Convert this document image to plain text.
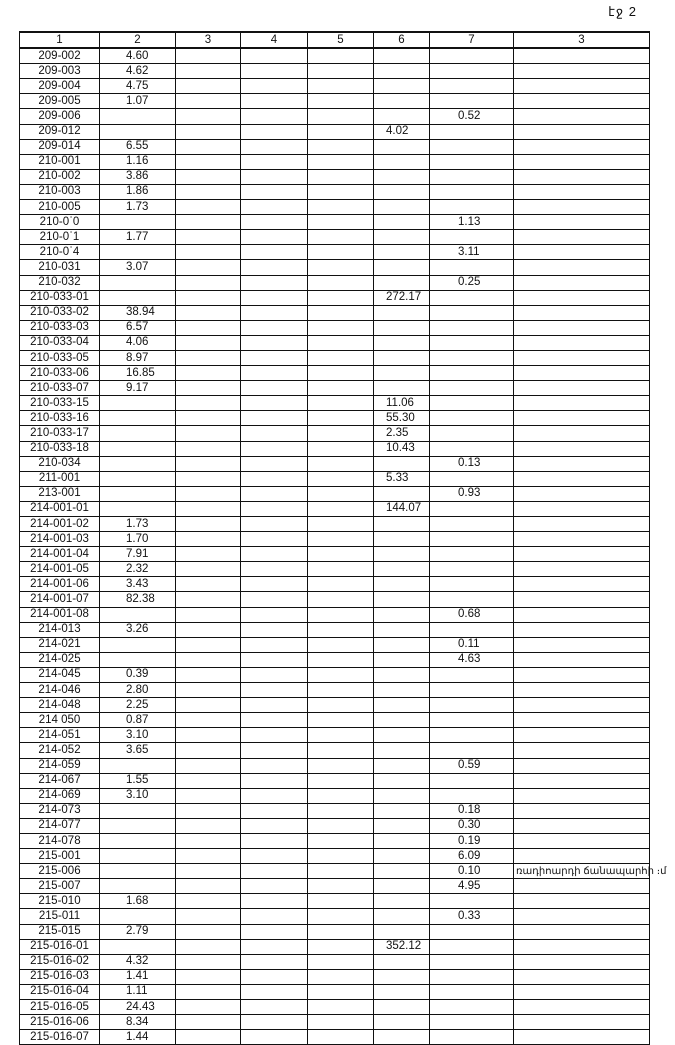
էջ 2
1	2	3	4	5	6	7	3
209-002	4.60						
209-003	4.62						
209-004	4.75						
209-005	1.07						
209-006						0.52	
209-012					4.02		
209-014	6.55						
210-001	1.16						
210-002	3.86						
210-003	1.86						
210-005	1.73						
210-0ˈ0						1.13	
210-0ˈ1	1.77						
210-0ˈ4						3.11	
210-031	3.07						
210-032						0.25	
210-033-01					272.17		
210-033-02	38.94						
210-033-03	6.57						
210-033-04	4.06						
210-033-05	8.97						
210-033-06	16.85						
210-033-07	9.17						
210-033-15					11.06		
210-033-16					55.30		
210-033-17					2.35		
210-033-18					10.43		
210-034						0.13	
211-001					5.33		
213-001						0.93	
214-001-01					144.07		
214-001-02	1.73						
214-001-03	1.70						
214-001-04	7.91						
214-001-05	2.32						
214-001-06	3.43						
214-001-07	82.38						
214-001-08						0.68	
214-013	3.26						
214-021						0.11	
214-025						4.63	
214-045	0.39						
214-046	2.80						
214-048	2.25						
214 050	0.87						
214-051	3.10						
214-052	3.65						
214-059						0.59	
214-067	1.55						
214-069	3.10						
214-073						0.18	
214-077						0.30	
214-078						0.19	
215-001						6.09	
215-006						0.10	ռադիոարդի ճանապարհի ։մ
215-007						4.95	
215-010	1.68						
215-011						0.33	
215-015	2.79						
215-016-01					352.12		
215-016-02	4.32						
215-016-03	1.41						
215-016-04	1.11						
215-016-05	24.43						
215-016-06	8.34						
215-016-07	1.44						
